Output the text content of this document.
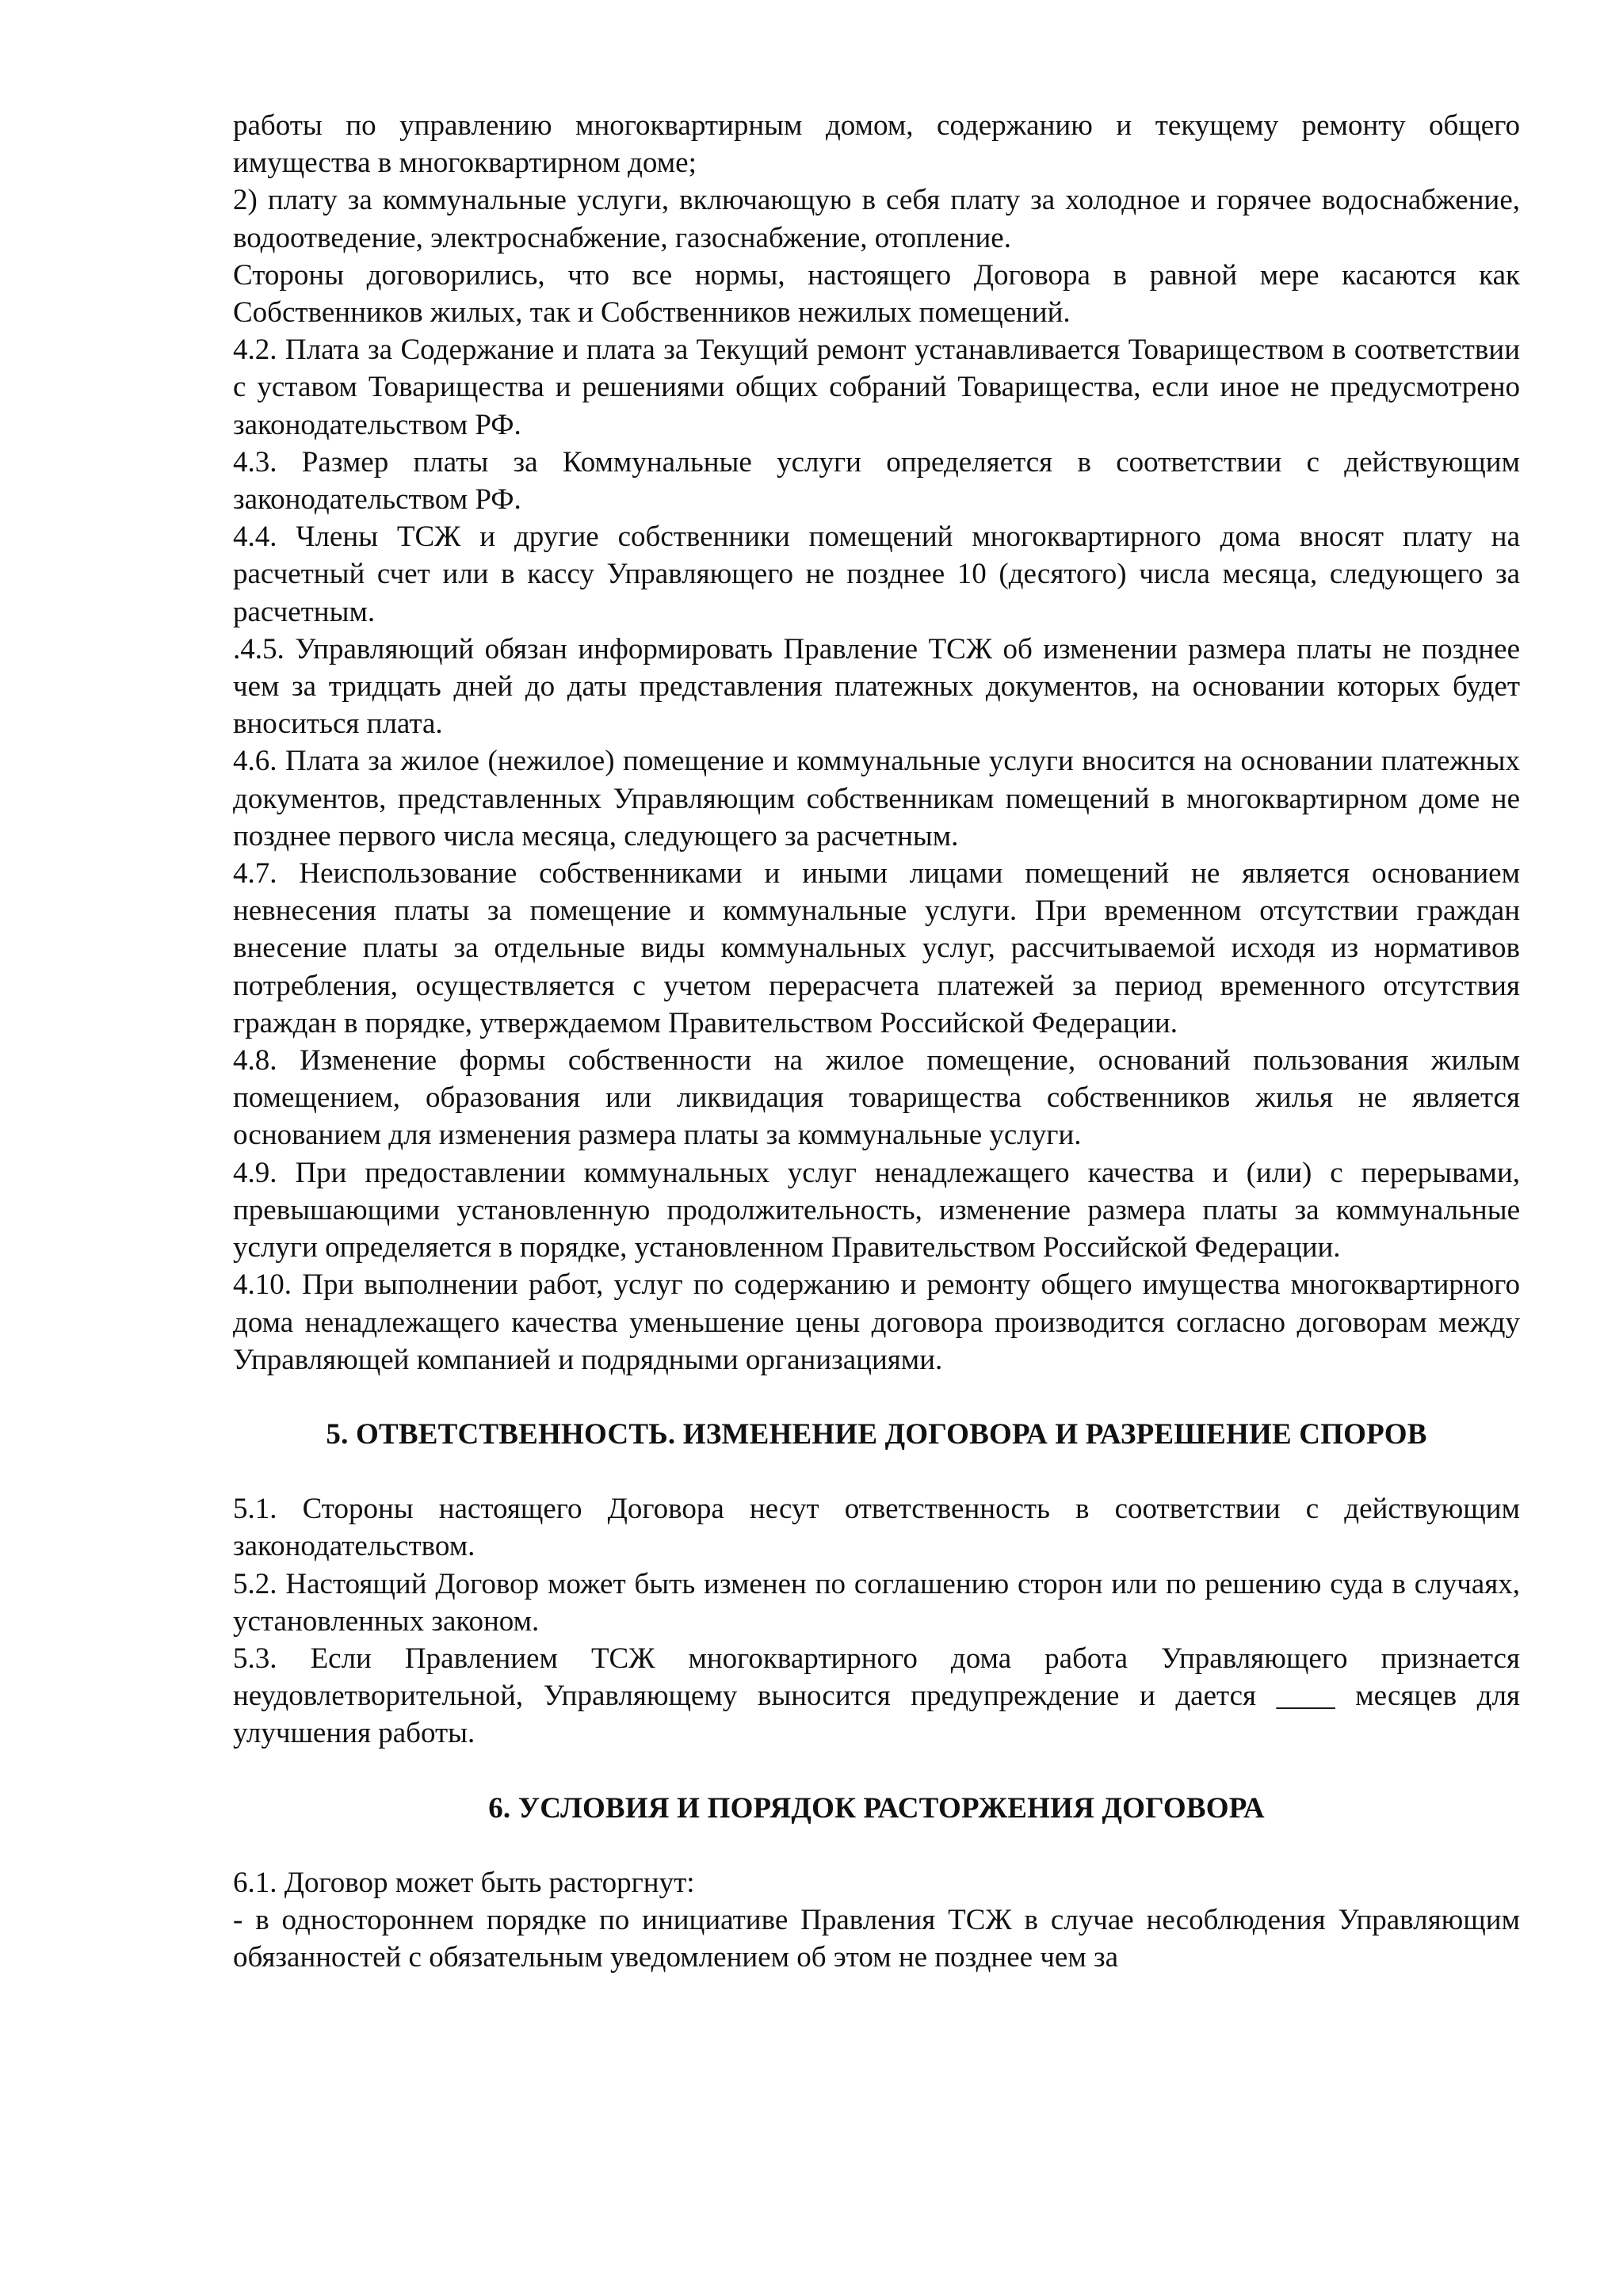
работы по управлению многоквартирным домом, содержанию и текущему ремонту общего имущества в многоквартирном доме;

2) плату за коммунальные услуги, включающую в себя плату за холодное и горячее водоснабжение, водоотведение, электроснабжение, газоснабжение, отопление.

Стороны договорились, что все нормы, настоящего Договора в равной мере касаются как Собственников жилых, так и Собственников нежилых помещений.

4.2. Плата за Содержание и плата за Текущий ремонт устанавливается Товариществом в соответствии с уставом Товарищества и решениями общих собраний Товарищества, если иное не предусмотрено законодательством РФ.

4.3. Размер платы за Коммунальные услуги определяется в соответствии с действующим законодательством РФ.

4.4. Члены ТСЖ и другие собственники помещений многоквартирного дома вносят плату на расчетный счет или в кассу Управляющего не позднее 10 (десятого) числа месяца, следующего за расчетным.

.4.5. Управляющий обязан информировать Правление ТСЖ об изменении размера платы не позднее чем за тридцать дней до даты представления платежных документов, на основании которых будет вноситься плата.

4.6. Плата за жилое (нежилое) помещение и коммунальные услуги вносится на основании платежных документов, представленных Управляющим собственникам помещений в многоквартирном доме не позднее первого числа месяца, следующего за расчетным.

4.7. Неиспользование собственниками и иными лицами помещений не является основанием невнесения платы за помещение и коммунальные услуги. При временном отсутствии граждан внесение платы за отдельные виды коммунальных услуг, рассчитываемой исходя из нормативов потребления, осуществляется с учетом перерасчета платежей за период временного отсутствия граждан в порядке, утверждаемом Правительством Российской Федерации.

4.8. Изменение формы собственности на жилое помещение, оснований пользования жилым помещением, образования или ликвидация товарищества собственников жилья не является основанием для изменения размера платы за коммунальные услуги.

4.9. При предоставлении коммунальных услуг ненадлежащего качества и (или) с перерывами, превышающими установленную продолжительность, изменение размера платы за коммунальные услуги определяется в порядке, установленном Правительством Российской Федерации.

4.10. При выполнении работ, услуг по содержанию и ремонту общего имущества многоквартирного дома ненадлежащего качества уменьшение цены договора производится согласно договорам между Управляющей компанией и подрядными организациями.

5. ОТВЕТСТВЕННОСТЬ. ИЗМЕНЕНИЕ ДОГОВОРА И РАЗРЕШЕНИЕ СПОРОВ

5.1. Стороны настоящего Договора несут ответственность в соответствии с действующим законодательством.

5.2. Настоящий Договор может быть изменен по соглашению сторон или по решению суда в случаях, установленных законом.

5.3. Если Правлением ТСЖ многоквартирного дома работа Управляющего признается неудовлетворительной, Управляющему выносится предупреждение и дается ____ месяцев для улучшения работы.

6. УСЛОВИЯ И ПОРЯДОК РАСТОРЖЕНИЯ ДОГОВОРА

6.1. Договор может быть расторгнут:

- в одностороннем порядке по инициативе Правления ТСЖ в случае несоблюдения Управляющим обязанностей с обязательным уведомлением об этом не позднее чем за
